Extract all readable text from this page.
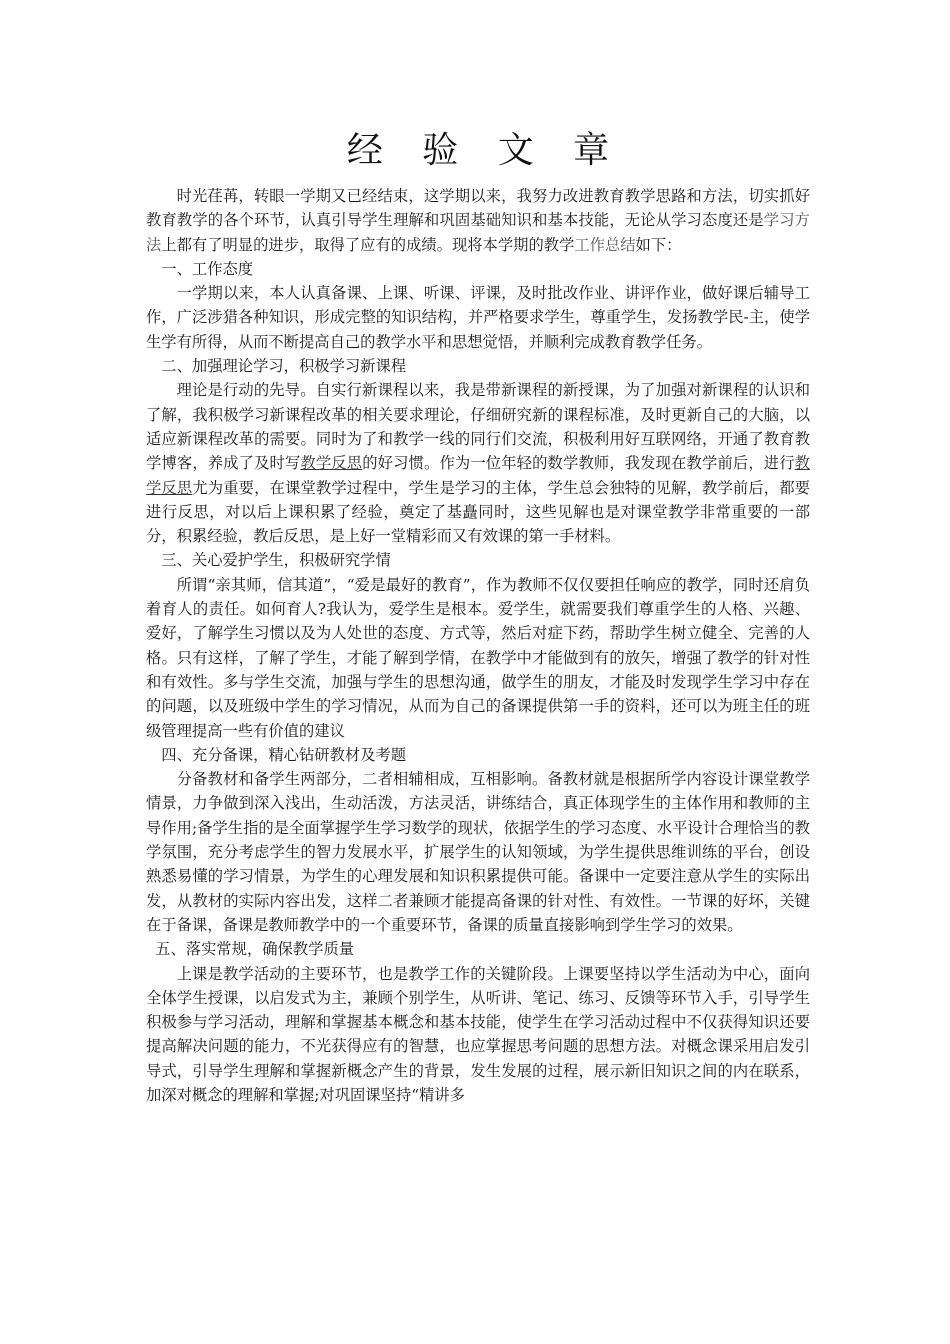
经 验 文 章

时光荏苒，转眼一学期又已经结束，这学期以来，我努力改进教育教学思路和方法，切实抓好教育教学的各个环节，认真引导学生理解和巩固基础知识和基本技能，无论从学习态度还是学习方法上都有了明显的进步，取得了应有的成绩。现将本学期的教学工作总结如下：

一、工作态度

一学期以来，本人认真备课、上课、听课、评课，及时批改作业、讲评作业，做好课后辅导工作，广泛涉猎各种知识，形成完整的知识结构，并严格要求学生，尊重学生，发扬教学民-主，使学生学有所得，从而不断提高自己的教学水平和思想觉悟，并顺利完成教育教学任务。

二、加强理论学习，积极学习新课程

理论是行动的先导。自实行新课程以来，我是带新课程的新授课，为了加强对新课程的认识和了解，我积极学习新课程改革的相关要求理论，仔细研究新的课程标准，及时更新自己的大脑，以适应新课程改革的需要。同时为了和教学一线的同行们交流，积极利用好互联网络，开通了教育教学博客，养成了及时写教学反思的好习惯。作为一位年轻的数学教师，我发现在教学前后，进行教学反思尤为重要，在课堂教学过程中，学生是学习的主体，学生总会独特的见解，教学前后，都要进行反思，对以后上课积累了经验，奠定了基矗同时，这些见解也是对课堂教学非常重要的一部分，积累经验，教后反思，是上好一堂精彩而又有效课的第一手材料。

三、关心爱护学生，积极研究学情

所谓“亲其师，信其道”，“爱是最好的教育”，作为教师不仅仅要担任响应的教学，同时还肩负着育人的责任。如何育人?我认为，爱学生是根本。爱学生，就需要我们尊重学生的人格、兴趣、爱好，了解学生习惯以及为人处世的态度、方式等，然后对症下药，帮助学生树立健全、完善的人格。只有这样，了解了学生，才能了解到学情，在教学中才能做到有的放矢，增强了教学的针对性和有效性。多与学生交流，加强与学生的思想沟通，做学生的朋友，才能及时发现学生学习中存在的问题，以及班级中学生的学习情况，从而为自己的备课提供第一手的资料，还可以为班主任的班级管理提高一些有价值的建议

四、充分备课，精心钻研教材及考题

分备教材和备学生两部分，二者相辅相成，互相影响。备教材就是根据所学内容设计课堂教学情景，力争做到深入浅出，生动活泼，方法灵活，讲练结合，真正体现学生的主体作用和教师的主导作用;备学生指的是全面掌握学生学习数学的现状，依据学生的学习态度、水平设计合理恰当的教学氛围，充分考虑学生的智力发展水平，扩展学生的认知领域，为学生提供思维训练的平台，创设熟悉易懂的学习情景，为学生的心理发展和知识积累提供可能。备课中一定要注意从学生的实际出发，从教材的实际内容出发，这样二者兼顾才能提高备课的针对性、有效性。一节课的好坏，关键在于备课，备课是教师教学中的一个重要环节，备课的质量直接影响到学生学习的效果。

五、落实常规，确保教学质量

上课是教学活动的主要环节，也是教学工作的关键阶段。上课要坚持以学生活动为中心，面向全体学生授课，以启发式为主，兼顾个别学生，从听讲、笔记、练习、反馈等环节入手，引导学生积极参与学习活动，理解和掌握基本概念和基本技能，使学生在学习活动过程中不仅获得知识还要提高解决问题的能力，不光获得应有的智慧，也应掌握思考问题的思想方法。对概念课采用启发引导式，引导学生理解和掌握新概念产生的背景，发生发展的过程，展示新旧知识之间的内在联系，加深对概念的理解和掌握;对巩固课坚持“精讲多
